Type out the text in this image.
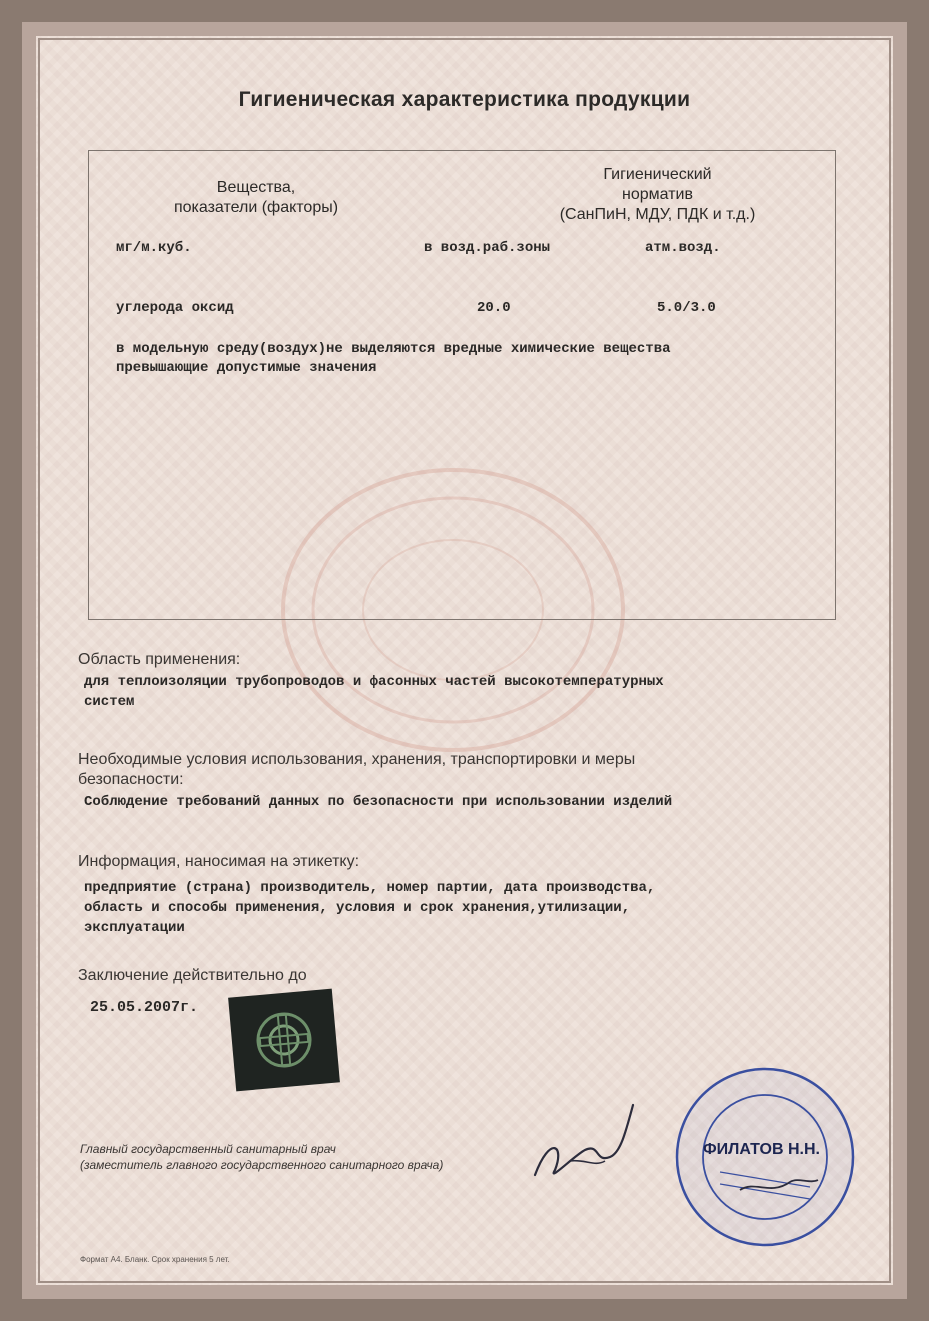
Гигиеническая характеристика продукции
Вещества,
показатели (факторы)
Гигиенический
норматив
(СанПиН, МДУ, ПДК и т.д.)
мг/м.куб.	в возд.раб.зоны	атм.возд.
углерода оксид	20.0	5.0/3.0
в модельную среду(воздух)не выделяются вредные химические вещества
превышающие допустимые значения
Область применения:
для теплоизоляции трубопроводов и фасонных частей высокотемпературных
систем
Необходимые условия использования, хранения, транспортировки и меры
безопасности:
Соблюдение требований данных по безопасности при использовании изделий
Информация, наносимая на этикетку:
предприятие (страна) производитель, номер партии, дата производства,
область и способы применения, условия и срок хранения,утилизации,
эксплуатации
Заключение действительно до
25.05.2007г.
Главный государственный санитарный врач
(заместитель главного государственного санитарного врача)
ФИЛАТОВ Н.Н.
Формат А4. Бланк. Срок хранения 5 лет.
